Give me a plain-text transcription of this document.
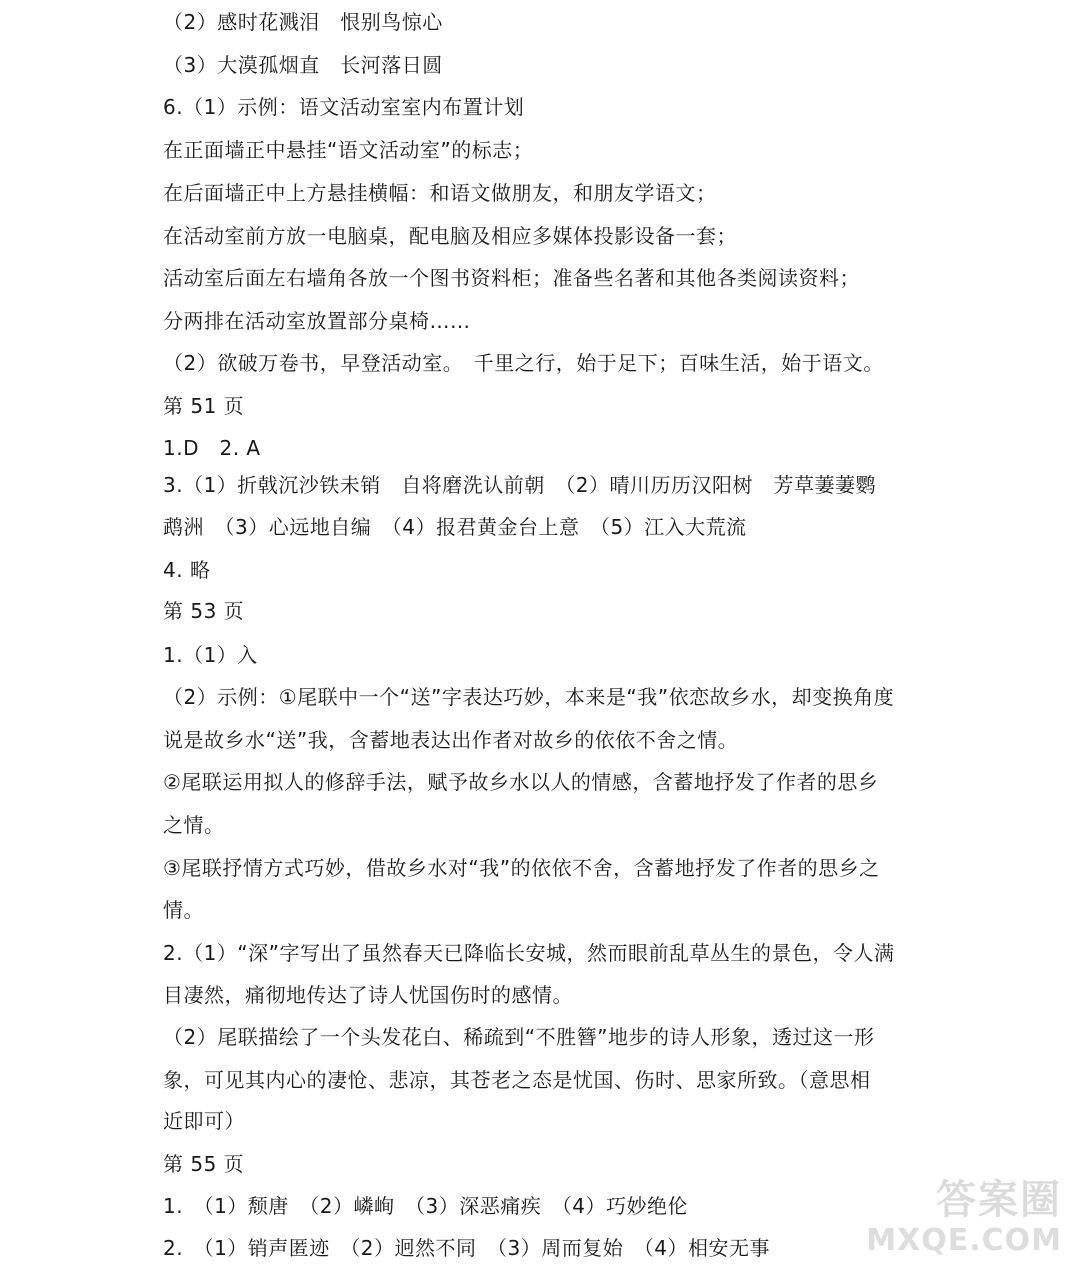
（2）感时花溅泪　恨别鸟惊心
（3）大漠孤烟直　长河落日圆
6.（1）示例：语文活动室室内布置计划
在正面墙正中悬挂“语文活动室”的标志；
在后面墙正中上方悬挂横幅：和语文做朋友，和朋友学语文；
在活动室前方放一电脑桌，配电脑及相应多媒体投影设备一套；
活动室后面左右墙角各放一个图书资料柜；准备些名著和其他各类阅读资料；
分两排在活动室放置部分桌椅……
（2）欲破万卷书，早登活动室。　千里之行，始于足下；百味生活，始于语文。
第 51 页
1.D　2. A
3.（1）折戟沉沙铁未销　自将磨洗认前朝　（2）晴川历历汉阳树　芳草萋萋鹦
鹉洲　（3）心远地自编　（4）报君黄金台上意　（5）江入大荒流
4. 略
第 53 页
1.（1）入
（2）示例：①尾联中一个“送”字表达巧妙，本来是“我”依恋故乡水，却变换角度
说是故乡水“送”我，含蓄地表达出作者对故乡的依依不舍之情。
②尾联运用拟人的修辞手法，赋予故乡水以人的情感，含蓄地抒发了作者的思乡
之情。
③尾联抒情方式巧妙，借故乡水对“我”的依依不舍，含蓄地抒发了作者的思乡之
情。
2.（1）“深”字写出了虽然春天已降临长安城，然而眼前乱草丛生的景色，令人满
目凄然，痛彻地传达了诗人忧国伤时的感情。
（2）尾联描绘了一个头发花白、稀疏到“不胜簪”地步的诗人形象，透过这一形
象，可见其内心的凄怆、悲凉，其苍老之态是忧国、伤时、思家所致。（意思相
近即可）
第 55 页
1.　（1）颓唐　（2）嶙峋　（3）深恶痛疾　（4）巧妙绝伦
2.　（1）销声匿迹　（2）迥然不同　（3）周而复始　（4）相安无事
答案圈
MXQE.COM
